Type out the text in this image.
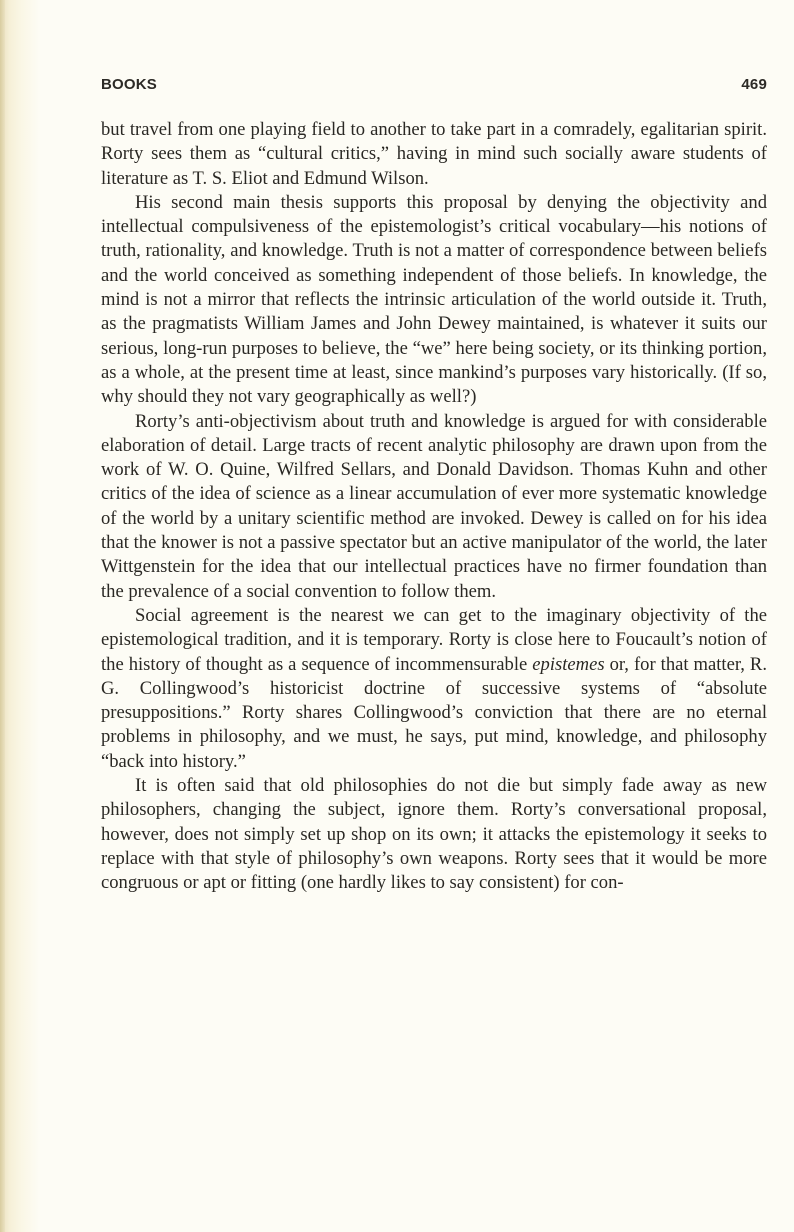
BOOKS	469

but travel from one playing field to another to take part in a comradely, egalitarian spirit. Rorty sees them as “cultural critics,” having in mind such socially aware students of literature as T. S. Eliot and Edmund Wilson.

His second main thesis supports this proposal by denying the objectivity and intellectual compulsiveness of the epistemologist’s critical vocabulary—his notions of truth, rationality, and knowledge. Truth is not a matter of correspondence between beliefs and the world conceived as something independent of those beliefs. In knowledge, the mind is not a mirror that reflects the intrinsic articulation of the world outside it. Truth, as the pragmatists William James and John Dewey maintained, is whatever it suits our serious, long-run purposes to believe, the “we” here being society, or its thinking portion, as a whole, at the present time at least, since mankind’s purposes vary historically. (If so, why should they not vary geographically as well?)

Rorty’s anti-objectivism about truth and knowledge is argued for with considerable elaboration of detail. Large tracts of recent analytic philosophy are drawn upon from the work of W. O. Quine, Wilfred Sellars, and Donald Davidson. Thomas Kuhn and other critics of the idea of science as a linear accumulation of ever more systematic knowledge of the world by a unitary scientific method are invoked. Dewey is called on for his idea that the knower is not a passive spectator but an active manipulator of the world, the later Wittgenstein for the idea that our intellectual practices have no firmer foundation than the prevalence of a social convention to follow them.

Social agreement is the nearest we can get to the imaginary objectivity of the epistemological tradition, and it is temporary. Rorty is close here to Foucault’s notion of the history of thought as a sequence of incommensurable epistemes or, for that matter, R. G. Collingwood’s historicist doctrine of successive systems of “absolute presuppositions.” Rorty shares Collingwood’s conviction that there are no eternal problems in philosophy, and we must, he says, put mind, knowledge, and philosophy “back into history.”

It is often said that old philosophies do not die but simply fade away as new philosophers, changing the subject, ignore them. Rorty’s conversational proposal, however, does not simply set up shop on its own; it attacks the epistemology it seeks to replace with that style of philosophy’s own weapons. Rorty sees that it would be more congruous or apt or fitting (one hardly likes to say consistent) for con-
